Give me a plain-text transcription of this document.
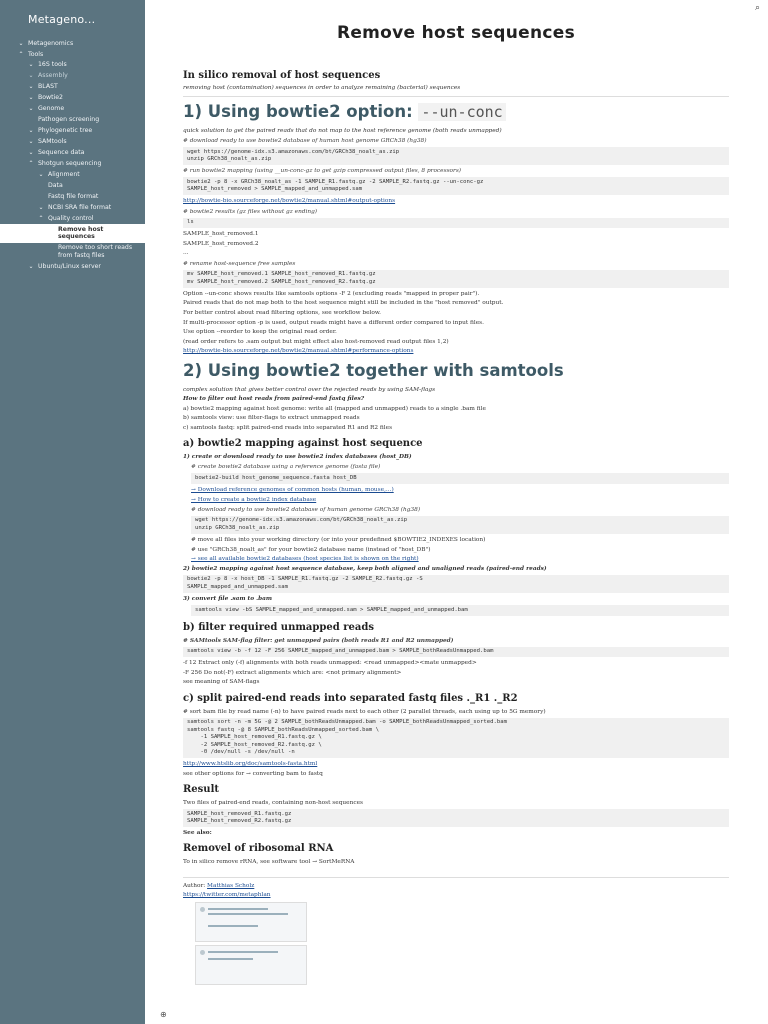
Metageno...
⌄ Metagenomics
⌃ Tools
⌄ 16S tools
⌄ Assembly
⌄ BLAST
⌄ Bowtie2
⌄ Genome
Pathogen screening
⌄ Phylogenetic tree
⌄ SAMtools
⌄ Sequence data
⌃ Shotgun sequencing
⌄ Alignment
Data
Fastq file format
⌄ NCBI SRA file format
⌃ Quality control
Remove host sequences
Remove too short reads from fastq files
⌄ Ubuntu/Linux server
⌕
Remove host sequences
In silico removal of host sequences
removing host (contamination) sequences in order to analyze remaining (bacterial) sequences
1) Using bowtie2 option: --un-conc
quick solution to get the paired reads that do not map to the host reference genome (both reads unmapped)
# download ready to use bowtie2 database of human host genome GRCh38 (hg38)
wget https://genome-idx.s3.amazonaws.com/bt/GRCh38_noalt_as.zip
unzip GRCh38_noalt_as.zip
# run bowtie2 mapping (using __un-conc-gz to get gzip compressed output files, 8 processors)
bowtie2 -p 8 -x GRCh38_noalt_as -1 SAMPLE_R1.fastq.gz -2 SAMPLE_R2.fastq.gz --un-conc-gz
SAMPLE_host_removed > SAMPLE_mapped_and_unmapped.sam
http://bowtie-bio.sourceforge.net/bowtie2/manual.shtml#output-options
# bowtie2 results (gz files without gz ending)
ls
SAMPLE_host_removed.1
SAMPLE_host_removed.2
...
# rename host-sequence free samples
mv SAMPLE_host_removed.1 SAMPLE_host_removed_R1.fastq.gz
mv SAMPLE_host_removed.2 SAMPLE_host_removed_R2.fastq.gz
Option --un-conc shows results like samtools options -F 2 (excluding reads "mapped in proper pair").
Paired reads that do not map both to the host sequence might still be included in the "host removed" output.
For better control about read filtering options, see workflow below.
If multi-processor option -p is used, output reads might have a different order compared to input files.
Use option --reorder to keep the original read order.
(read order refers to .sam output but might effect also host-removed read output files 1,2)
http://bowtie-bio.sourceforge.net/bowtie2/manual.shtml#performance-options
2) Using bowtie2 together with samtools
complex solution that gives better control over the rejected reads by using SAM-flags
How to filter out host reads from paired-end fastq files?
a) bowtie2 mapping against host genome: write all (mapped and unmapped) reads to a single .bam file
b) samtools view: use filter-flags to extract unmapped reads
c) samtools fastq: split paired-end reads into separated R1 and R2 files
a) bowtie2 mapping against host sequence
1) create or download ready to use bowtie2 index databases (host_DB)
# create bowtie2 database using a reference genome (fasta file)
bowtie2-build host_genome_sequence.fasta host_DB
→ Download reference genomes of common hosts (human, mouse,...)
→ How to create a bowtie2 index database
# download ready to use bowtie2 database of human genome GRCh38 (hg38)
wget https://genome-idx.s3.amazonaws.com/bt/GRCh38_noalt_as.zip
unzip GRCh38_noalt_as.zip
# move all files into your working directory (or into your predefined $BOWTIE2_INDEXES location)
# use "GRCh38_noalt_as" for your bowtie2 database name (instead of "host_DB")
→ see all available bowtie2 databases (host species list is shown on the right)
2) bowtie2 mapping against host sequence database, keep both aligned and unaligned reads (paired-end reads)
bowtie2 -p 8 -x host_DB -1 SAMPLE_R1.fastq.gz -2 SAMPLE_R2.fastq.gz -S
SAMPLE_mapped_and_unmapped.sam
3) convert file .sam to .bam
samtools view -bS SAMPLE_mapped_and_unmapped.sam > SAMPLE_mapped_and_unmapped.bam
b) filter required unmapped reads
# SAMtools SAM-flag filter: get unmapped pairs (both reads R1 and R2 unmapped)
samtools view -b -f 12 -F 256 SAMPLE_mapped_and_unmapped.bam > SAMPLE_bothReadsUnmapped.bam
-f 12 Extract only (-f) alignments with both reads unmapped: <read unmapped><mate unmapped>
-F 256 Do not(-F) extract alignments which are: <not primary alignment>
see meaning of SAM-flags
c) split paired-end reads into separated fastq files ._R1 ._R2
# sort bam file by read name (-n) to have paired reads next to each other (2 parallel threads, each using up to 5G memory)
samtools sort -n -m 5G -@ 2 SAMPLE_bothReadsUnmapped.bam -o SAMPLE_bothReadsUnmapped_sorted.bam
samtools fastq -@ 8 SAMPLE_bothReadsUnmapped_sorted.bam \
-1 SAMPLE_host_removed_R1.fastq.gz \
-2 SAMPLE_host_removed_R2.fastq.gz \
-0 /dev/null -s /dev/null -n
http://www.htslib.org/doc/samtools-fasta.html
see other options for → converting bam to fastq
Result
Two files of paired-end reads, containing non-host sequences
SAMPLE_host_removed_R1.fastq.gz
SAMPLE_host_removed_R2.fastq.gz
See also:
Removel of ribosomal RNA
To in silico remove rRNA, see software tool → SortMeRNA
Author: Matthias Scholz
https://twitter.com/metaphlan
⊕
